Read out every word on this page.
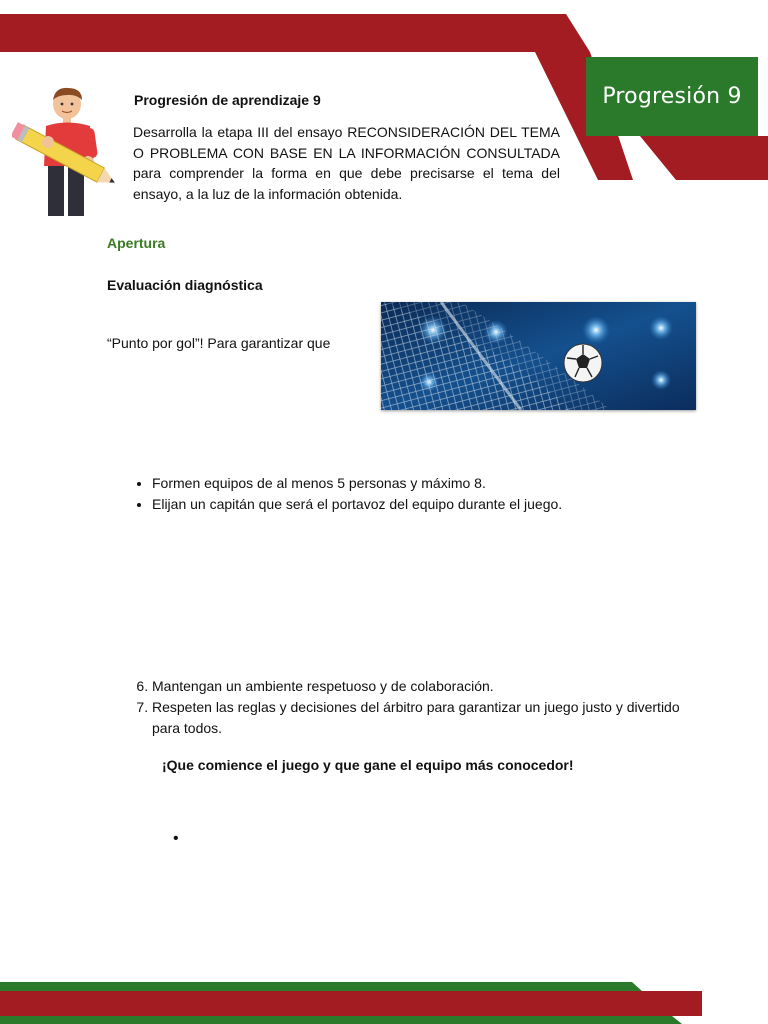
Progresión 9
Progresión de aprendizaje 9
Desarrolla la etapa III del ensayo RECONSIDERACIÓN DEL TEMA O PROBLEMA CON BASE EN LA INFORMACIÓN CONSULTADA para comprender la forma en que debe precisarse el tema del ensayo, a la luz de la información obtenida.
Apertura
Evaluación diagnóstica
“Punto por gol”! Para garantizar que
• Formen equipos de al menos 5 personas y máximo 8.
• Elijan un capitán que será el portavoz del equipo durante el juego.
6. Mantengan un ambiente respetuoso y de colaboración.
7. Respeten las reglas y decisiones del árbitro para garantizar un juego justo y divertido para todos.
¡Que comience el juego y que gane el equipo más conocedor!
•
